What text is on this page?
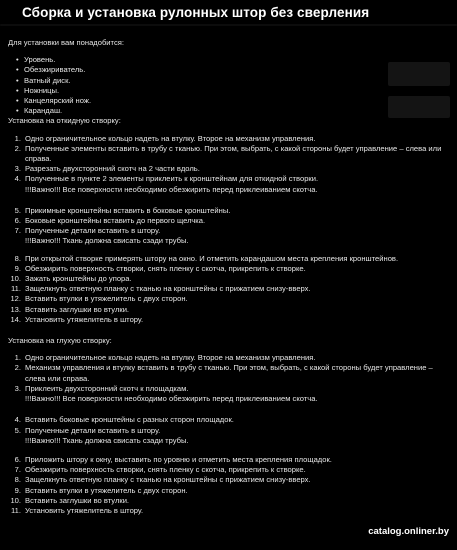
Сборка и установка рулонных штор без сверления

Для установки вам понадобится:

• Уровень.
• Обезжириватель.
• Ватный диск.
• Ножницы.
• Канцелярский нож.
• Карандаш.

Установка на откидную створку:

1. Одно ограничительное кольцо надеть на втулку. Второе на механизм управления.
2. Полученные элементы вставить в трубу с тканью. При этом, выбрать, с какой стороны будет управление – слева или справа.
3. Разрезать двухсторонний скотч на 2 части вдоль.
4. Полученные в пункте 2 элементы приклеить к кронштейнам для откидной створки.

!!!Важно!!! Все поверхности необходимо обезжирить перед приклеиванием скотча.

5. Прикимные кронштейны вставить в боковые кронштейны.
6. Боковые кронштейны вставить до первого щелчка.
7. Полученные детали вставить в штору.

!!!Важно!!! Ткань должна свисать сзади трубы.

8. При открытой створке примерять штору на окно. И отметить карандашом места крепления кронштейнов.
9. Обезжирить поверхность створки, снять пленку с скотча, прикрепить к створке.
10. Зажать кронштейны до упора.
11. Защелкнуть ответную планку с тканью на кронштейны с прижатием снизу-вверх.
12. Вставить втулки в утяжелитель с двух сторон.
13. Вставить заглушки во втулки.
14. Установить утяжелитель в штору.

Установка на глухую створку:

1. Одно ограничительное кольцо надеть на втулку. Второе на механизм управления.
2. Механизм управления и втулку вставить в трубу с тканью. При этом, выбрать, с какой стороны будет управление – слева или справа.
3. Приклеить двухсторонний скотч к площадкам.

!!!Важно!!! Все поверхности необходимо обезжирить перед приклеиванием скотча.

4. Вставить боковые кронштейны с разных сторон площадок.
5. Полученные детали вставить в штору.

!!!Важно!!! Ткань должна свисать сзади трубы.

6. Приложить штору к окну, выставить по уровню и отметить места крепления площадок.
7. Обезжирить поверхность створки, снять пленку с скотча, прикрепить к створке.
8. Защелкнуть ответную планку с тканью на кронштейны с прижатием снизу-вверх.
9. Вставить втулки в утяжелитель с двух сторон.
10. Вставить заглушки во втулки.
11. Установить утяжелитель в штору.
catalog.onliner.by
